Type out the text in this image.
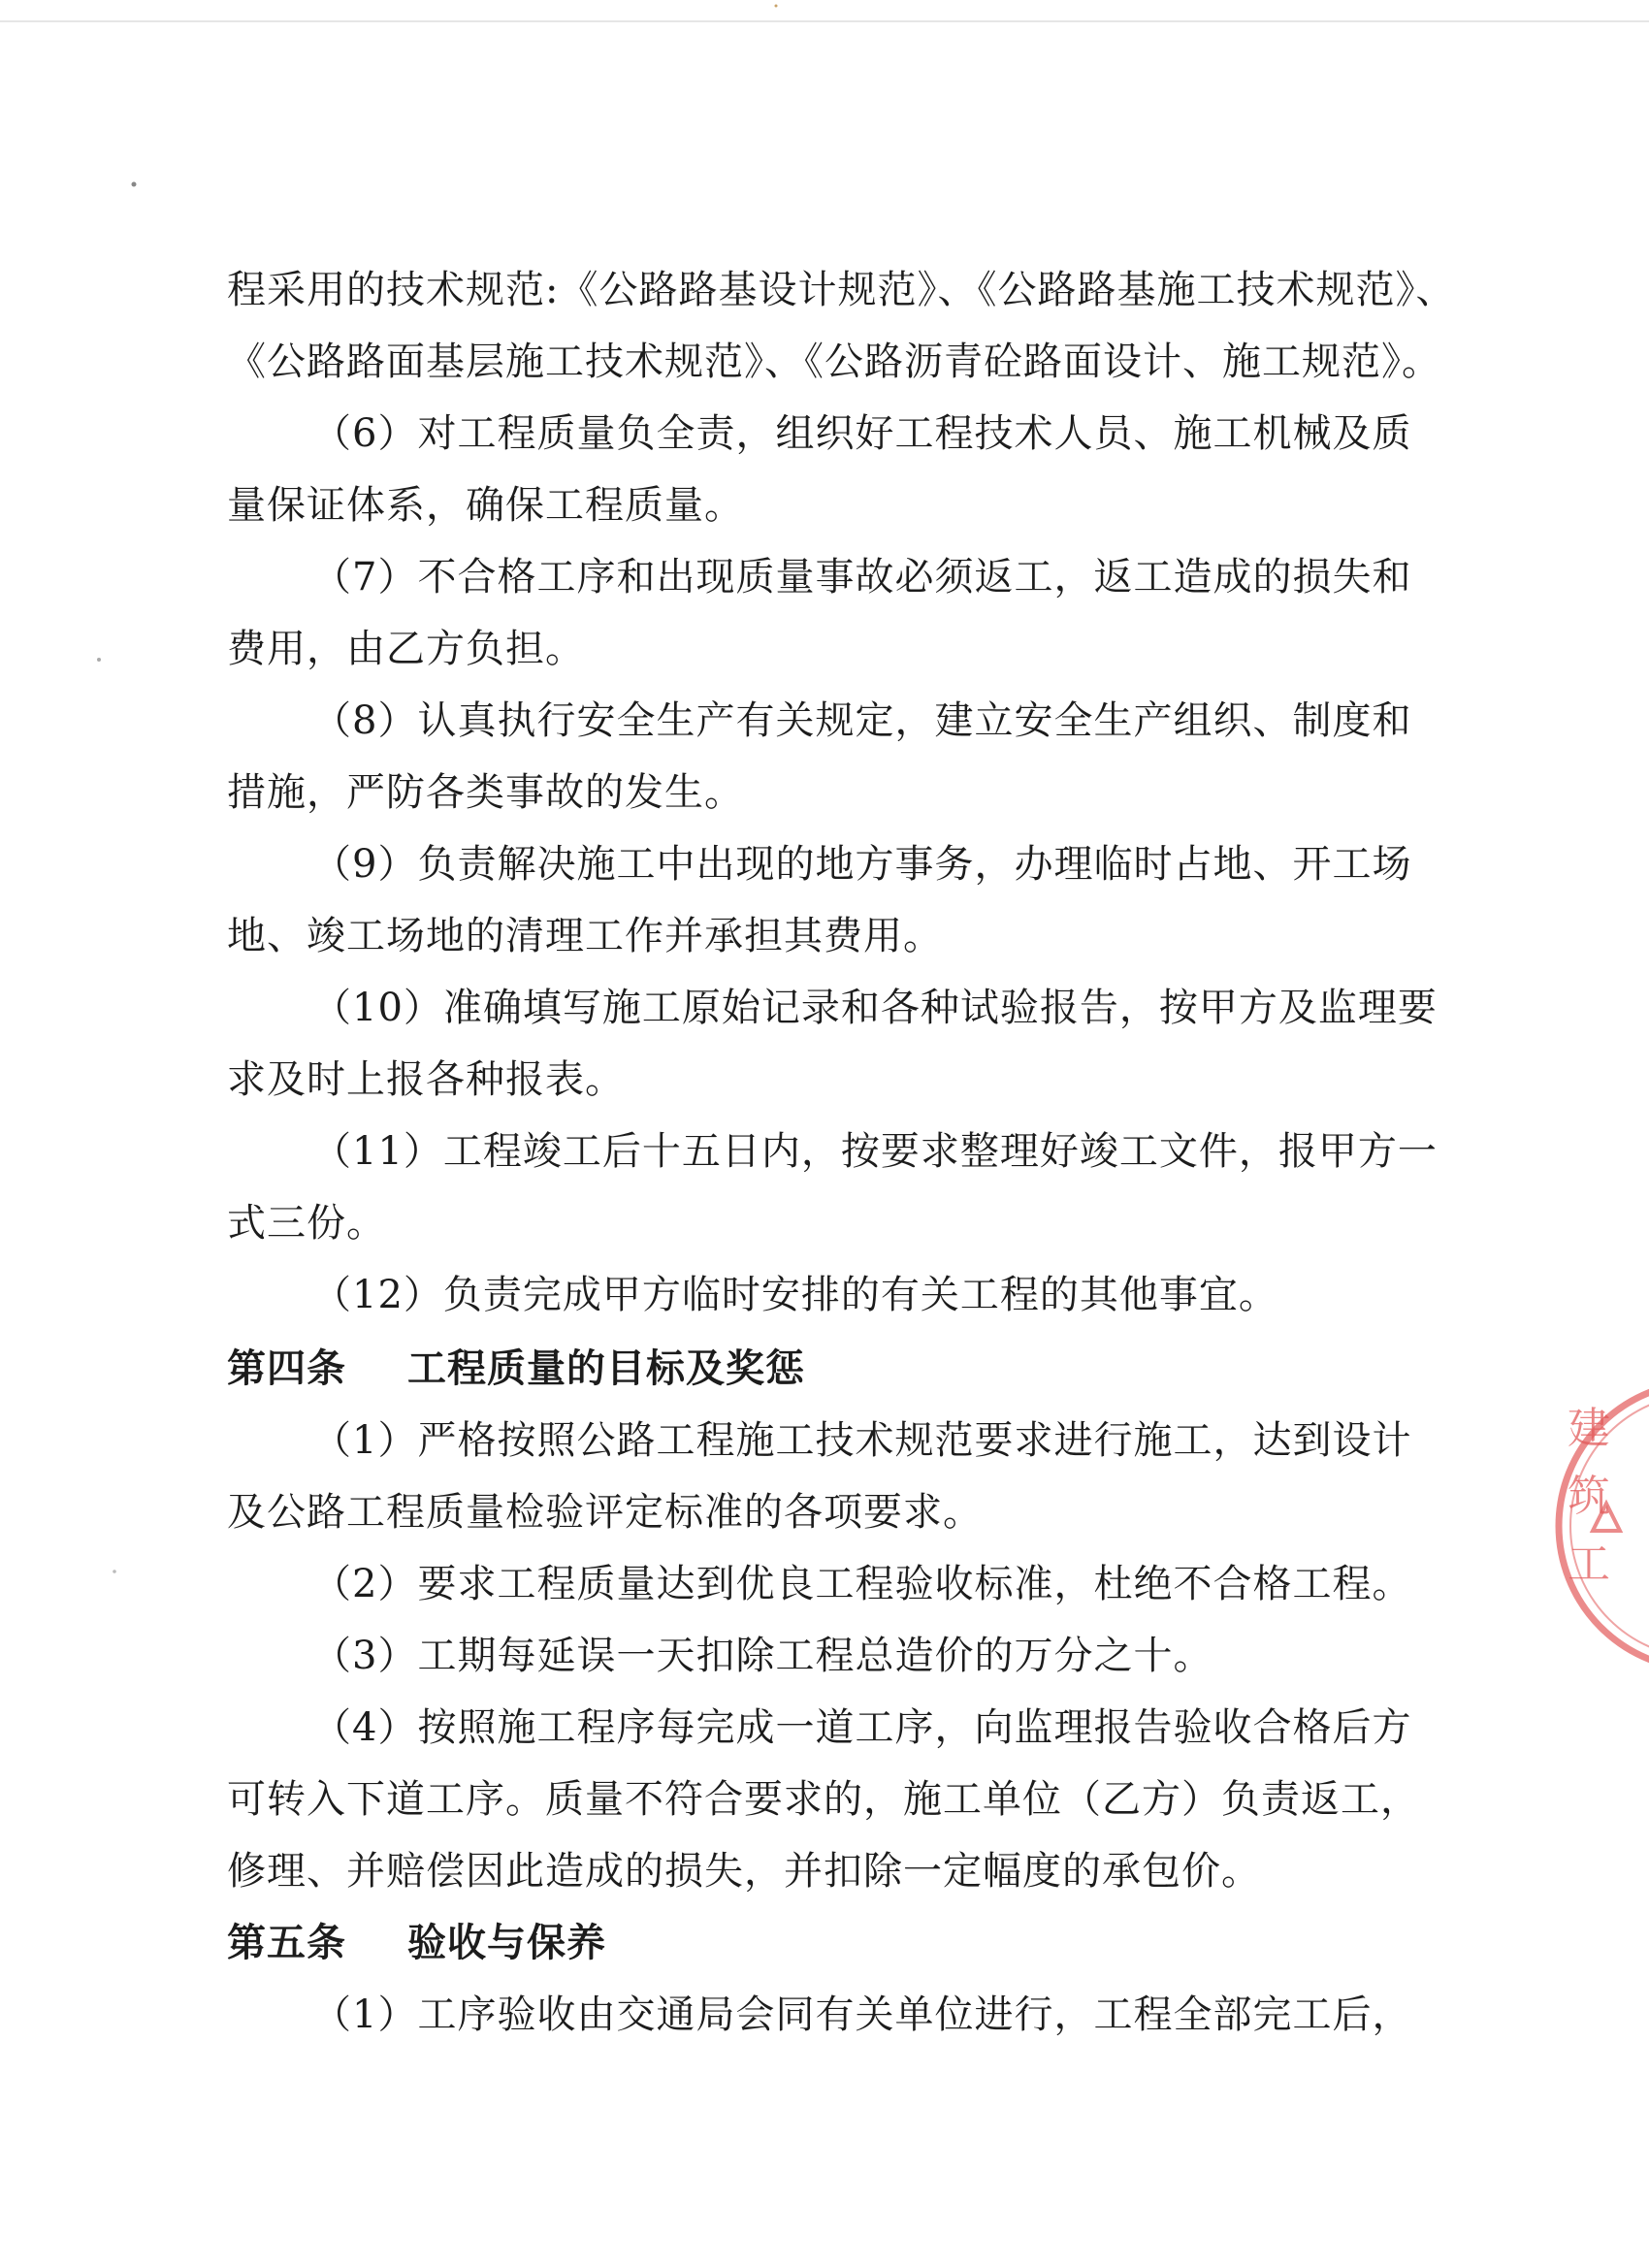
程采用的技术规范:《公路路基设计规范》、《公路路基施工技术规范》、
《公路路面基层施工技术规范》、《公路沥青砼路面设计、施工规范》。
（6）对工程质量负全责，组织好工程技术人员、施工机械及质
量保证体系，确保工程质量。
（7）不合格工序和出现质量事故必须返工，返工造成的损失和
费用，由乙方负担。
（8）认真执行安全生产有关规定，建立安全生产组织、制度和
措施，严防各类事故的发生。
（9）负责解决施工中出现的地方事务，办理临时占地、开工场
地、竣工场地的清理工作并承担其费用。
（10）准确填写施工原始记录和各种试验报告，按甲方及监理要
求及时上报各种报表。
（11）工程竣工后十五日内，按要求整理好竣工文件，报甲方一
式三份。
（12）负责完成甲方临时安排的有关工程的其他事宜。
第四条 工程质量的目标及奖惩
（1）严格按照公路工程施工技术规范要求进行施工，达到设计
及公路工程质量检验评定标准的各项要求。
（2）要求工程质量达到优良工程验收标准，杜绝不合格工程。
（3）工期每延误一天扣除工程总造价的万分之十。
（4）按照施工程序每完成一道工序，向监理报告验收合格后方
可转入下道工序。质量不符合要求的，施工单位（乙方）负责返工，
修理、并赔偿因此造成的损失，并扣除一定幅度的承包价。
第五条 验收与保养
（1）工序验收由交通局会同有关单位进行，工程全部完工后，
建筑工
